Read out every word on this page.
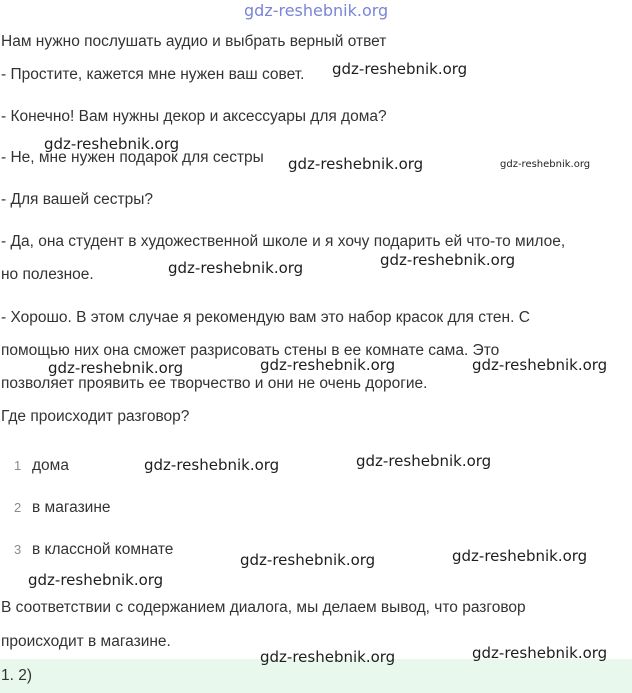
gdz-reshebnik.org
Нам нужно послушать аудио и выбрать верный ответ
- Простите, кажется мне нужен ваш совет.
- Конечно! Вам нужны декор и аксессуары для дома?
- Не, мне нужен подарок для сестры
- Для вашей сестры?
- Да, она студент в художественной школе и я хочу подарить ей что-то милое,
но полезное.
- Хорошо. В этом случае я рекомендую вам это набор красок для стен. С
помощью них она сможет разрисовать стены в ее комнате сама. Это
позволяет проявить ее творчество и они не очень дорогие.
Где происходит разговор?
1 дома
2 в магазине
3 в классной комнате
В соответствии с содержанием диалога, мы делаем вывод, что разговор
происходит в магазине.
1. 2)
gdz-reshebnik.org
gdz-reshebnik.org
gdz-reshebnik.org	gdz-reshebnik.org
gdz-reshebnik.org
gdz-reshebnik.org
gdz-reshebnik.org	gdz-reshebnik.org	gdz-reshebnik.org
gdz-reshebnik.org
gdz-reshebnik.org
gdz-reshebnik.org	gdz-reshebnik.org
gdz-reshebnik.org
gdz-reshebnik.org	gdz-reshebnik.org
